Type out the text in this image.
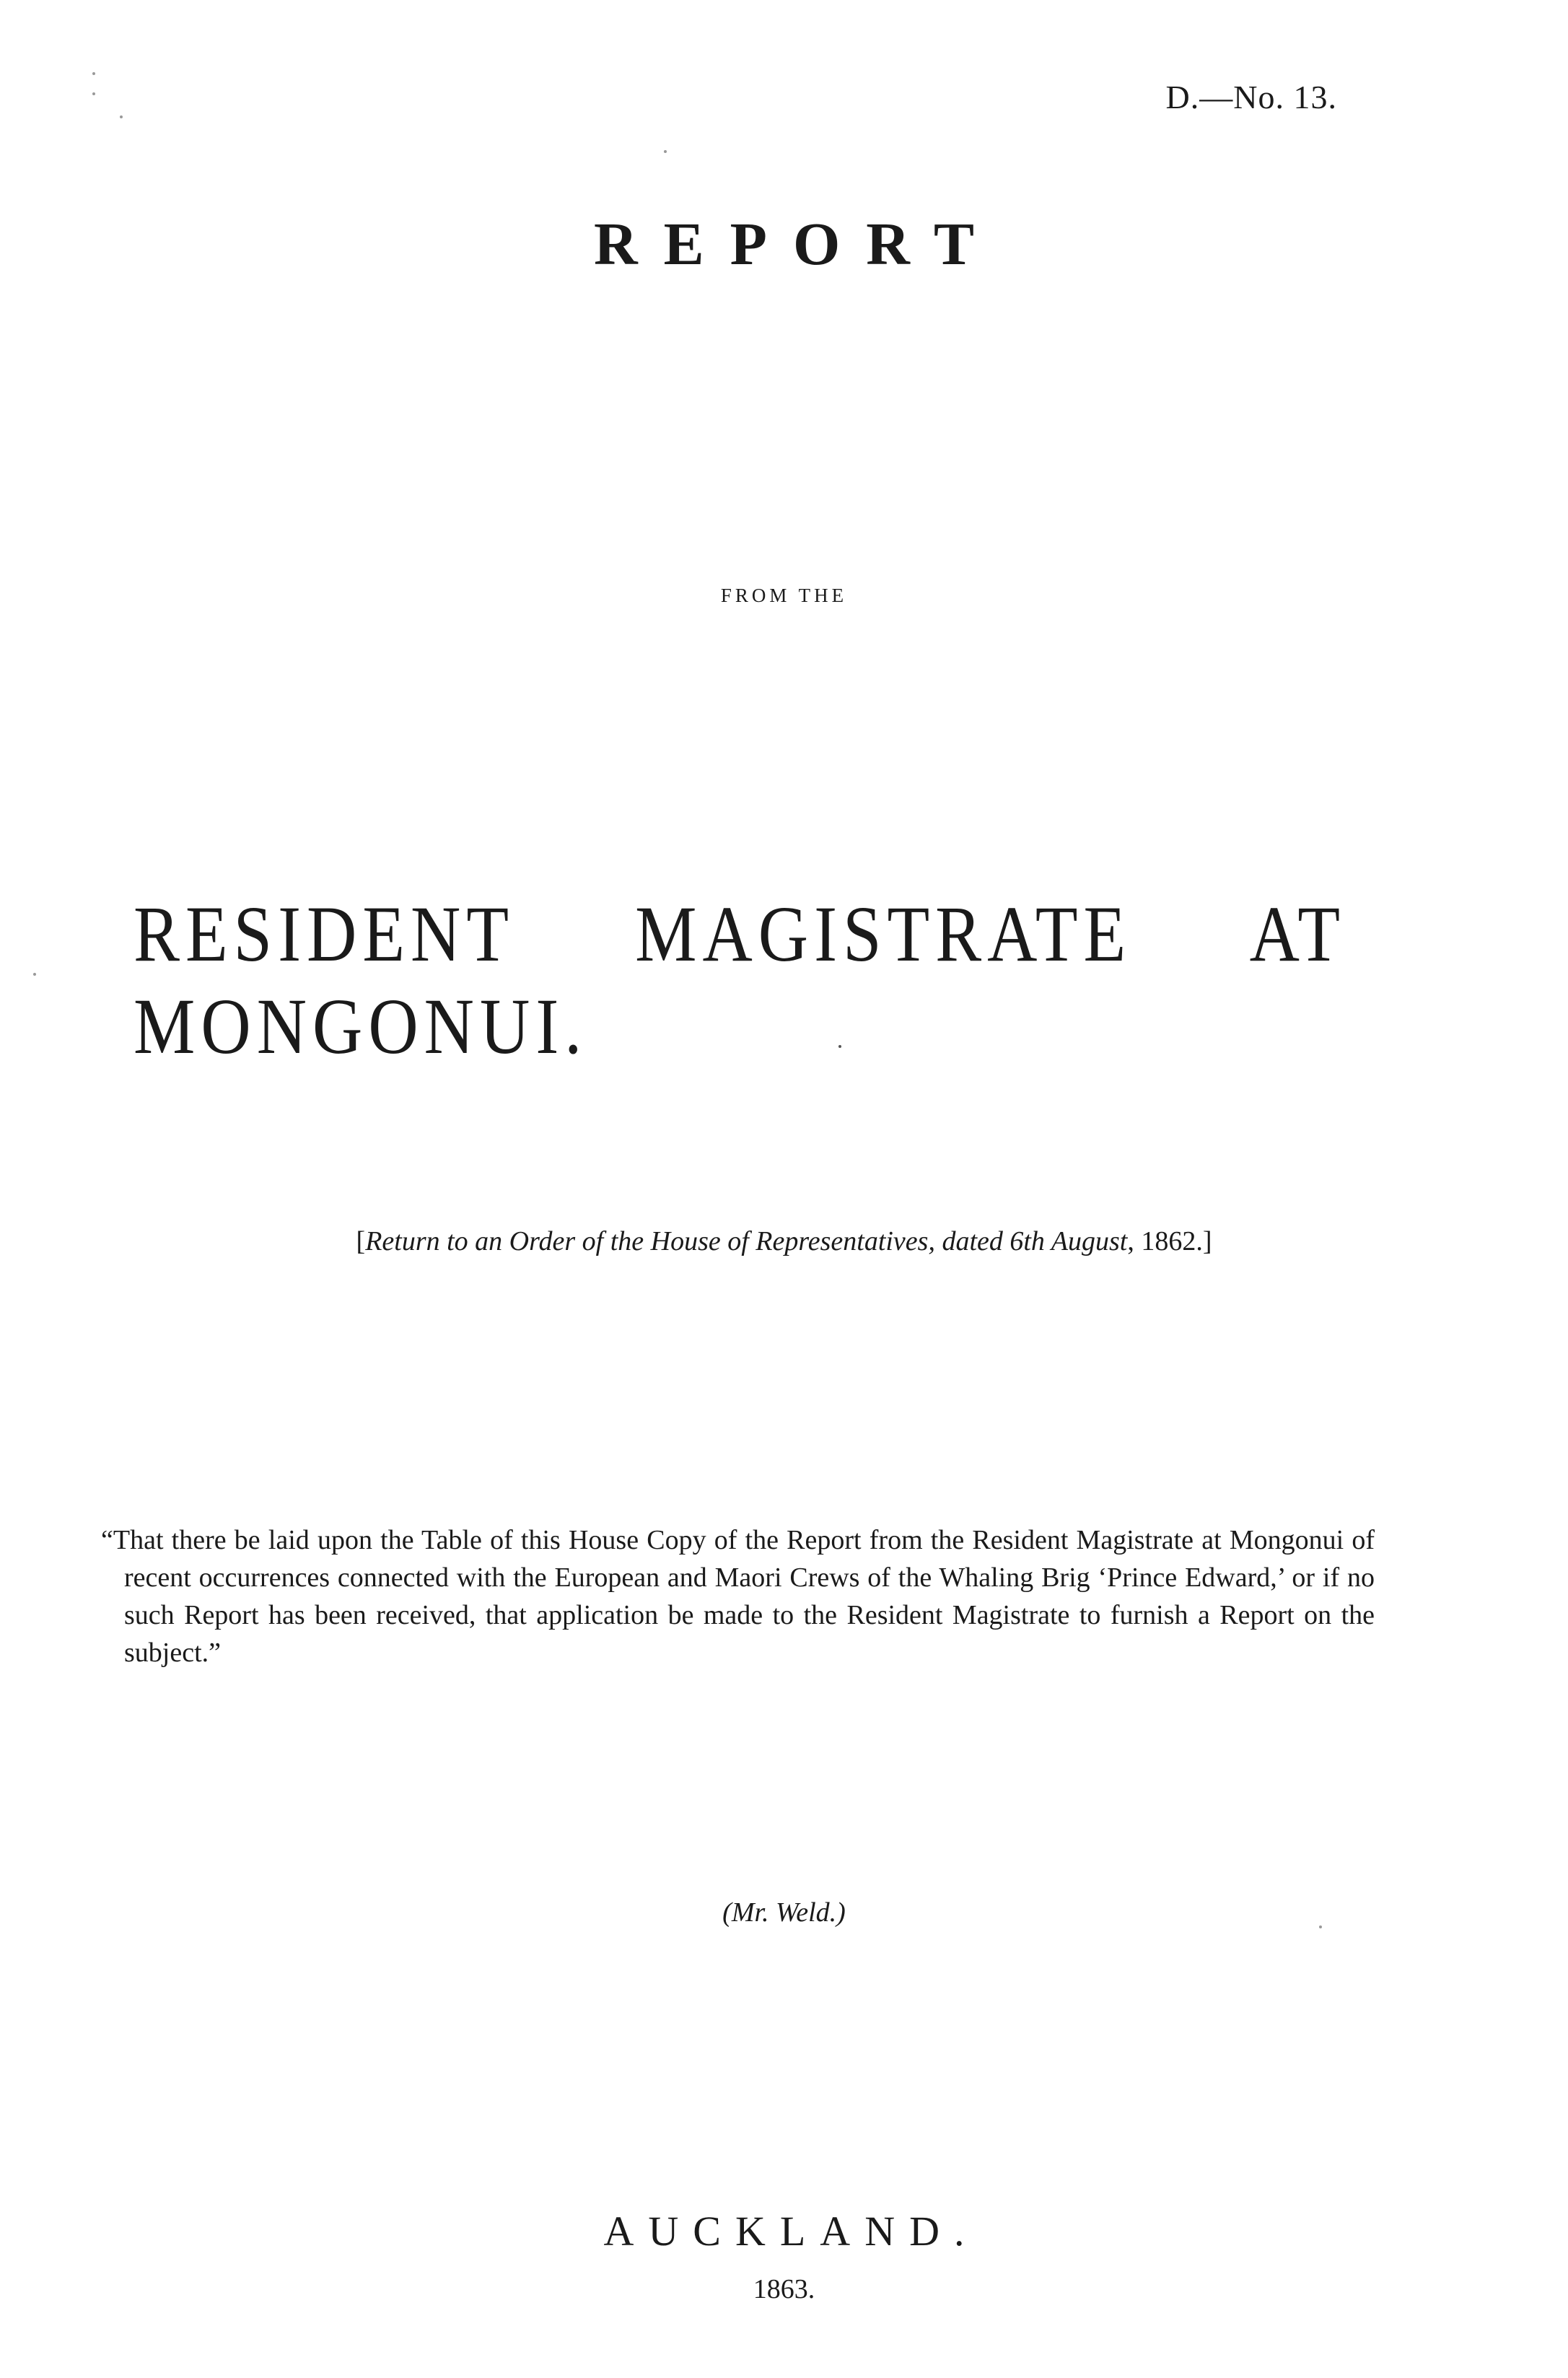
D.—No. 13.
REPORT
FROM THE
RESIDENT MAGISTRATE AT MONGONUI.
[Return to an Order of the House of Representatives, dated 6th August, 1862.]

“That there be laid upon the Table of this House Copy of the Report from the Resident Magistrate at Mongonui of recent occurrences connected with the European and Maori Crews of the Whaling Brig ‘Prince Edward,’ or if no such Report has been received, that application be made to the Resident Magistrate to furnish a Report on the subject.”

(Mr. Weld.)
AUCKLAND.
1863.
